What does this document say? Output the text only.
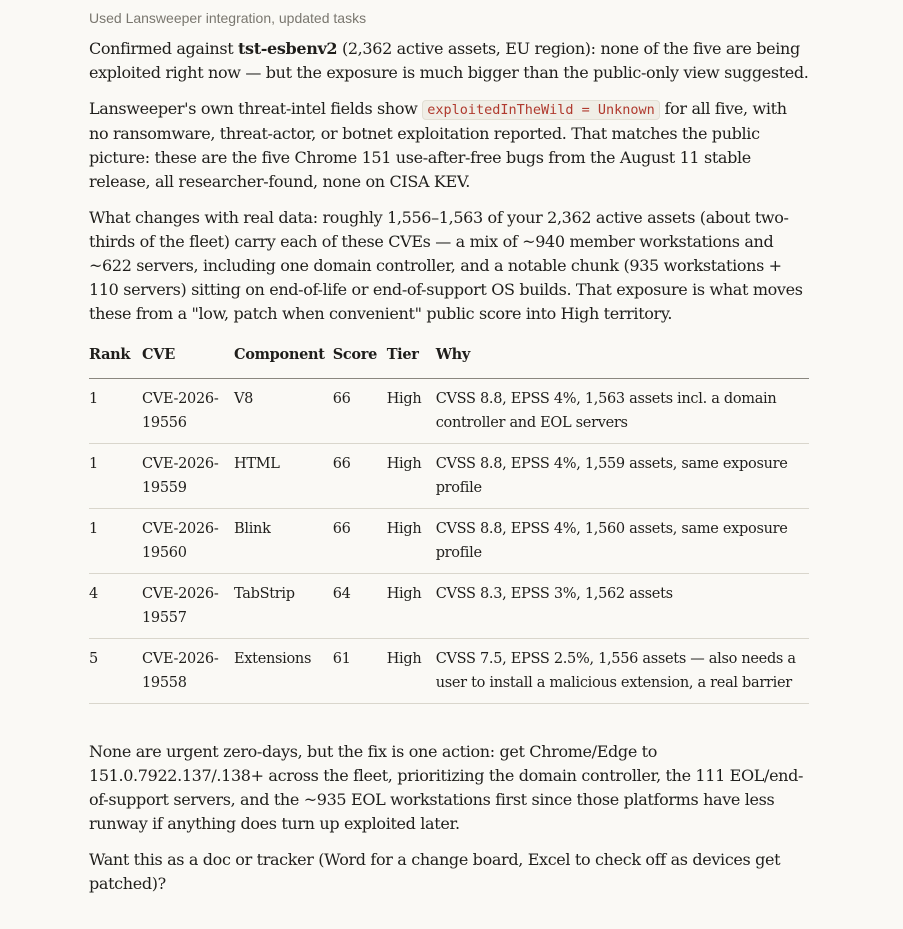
Used Lansweeper integration, updated tasks

Confirmed against tst-esbenv2 (2,362 active assets, EU region): none of the five are being exploited right now — but the exposure is much bigger than the public-only view suggested.

Lansweeper's own threat-intel fields show exploitedInTheWild = Unknown for all five, with no ransomware, threat-actor, or botnet exploitation reported. That matches the public picture: these are the five Chrome 151 use-after-free bugs from the August 11 stable release, all researcher-found, none on CISA KEV.

What changes with real data: roughly 1,556–1,563 of your 2,362 active assets (about two-thirds of the fleet) carry each of these CVEs — a mix of ~940 member workstations and ~622 servers, including one domain controller, and a notable chunk (935 workstations + 110 servers) sitting on end-of-life or end-of-support OS builds. That exposure is what moves these from a "low, patch when convenient" public score into High territory.

Rank	CVE	Component	Score	Tier	Why
1	CVE-2026-19556	V8	66	High	CVSS 8.8, EPSS 4%, 1,563 assets incl. a domain controller and EOL servers
1	CVE-2026-19559	HTML	66	High	CVSS 8.8, EPSS 4%, 1,559 assets, same exposure profile
1	CVE-2026-19560	Blink	66	High	CVSS 8.8, EPSS 4%, 1,560 assets, same exposure profile
4	CVE-2026-19557	TabStrip	64	High	CVSS 8.3, EPSS 3%, 1,562 assets
5	CVE-2026-19558	Extensions	61	High	CVSS 7.5, EPSS 2.5%, 1,556 assets — also needs a user to install a malicious extension, a real barrier

None are urgent zero-days, but the fix is one action: get Chrome/Edge to 151.0.7922.137/.138+ across the fleet, prioritizing the domain controller, the 111 EOL/end-of-support servers, and the ~935 EOL workstations first since those platforms have less runway if anything does turn up exploited later.

Want this as a doc or tracker (Word for a change board, Excel to check off as devices get patched)?
